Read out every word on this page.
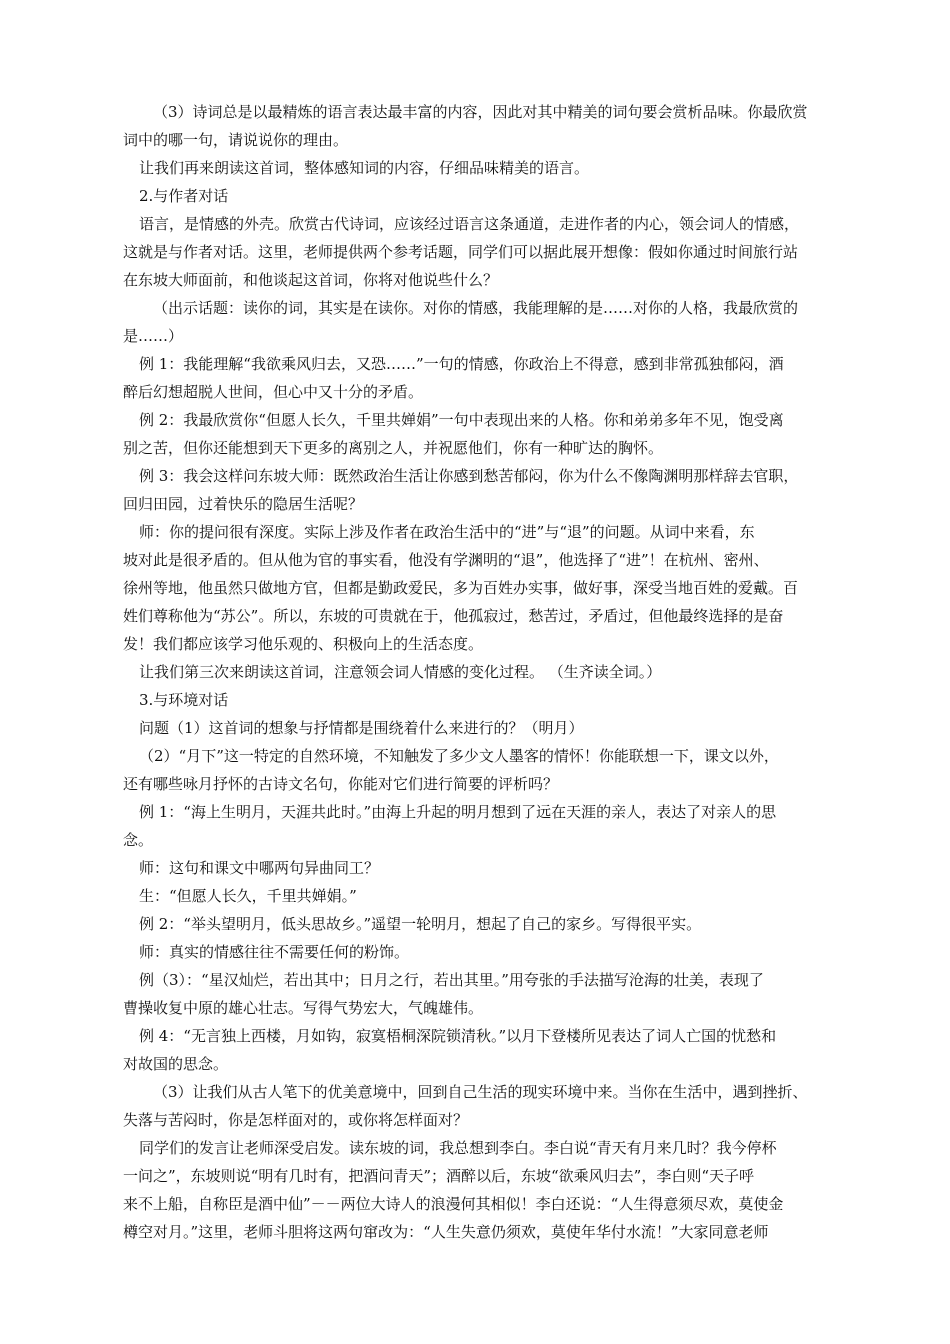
（3）诗词总是以最精炼的语言表达最丰富的内容，因此对其中精美的词句要会赏析品味。你最欣赏
词中的哪一句，请说说你的理由。
让我们再来朗读这首词，整体感知词的内容，仔细品味精美的语言。
2.与作者对话
语言，是情感的外壳。欣赏古代诗词，应该经过语言这条通道，走进作者的内心，领会词人的情感，
这就是与作者对话。这里，老师提供两个参考话题，同学们可以据此展开想像：假如你通过时间旅行站
在东坡大师面前，和他谈起这首词，你将对他说些什么？
（出示话题：读你的词，其实是在读你。对你的情感，我能理解的是……对你的人格，我最欣赏的
是……）
例 1：我能理解“我欲乘风归去，又恐……”一句的情感，你政治上不得意，感到非常孤独郁闷，酒
醉后幻想超脱人世间，但心中又十分的矛盾。
例 2：我最欣赏你“但愿人长久，千里共婵娟”一句中表现出来的人格。你和弟弟多年不见，饱受离
别之苦，但你还能想到天下更多的离别之人，并祝愿他们，你有一种旷达的胸怀。
例 3：我会这样问东坡大师：既然政治生活让你感到愁苦郁闷，你为什么不像陶渊明那样辞去官职，
回归田园，过着快乐的隐居生活呢？
师：你的提问很有深度。实际上涉及作者在政治生活中的“进”与“退”的问题。从词中来看，东
坡对此是很矛盾的。但从他为官的事实看，他没有学渊明的“退”，他选择了“进”！在杭州、密州、
徐州等地，他虽然只做地方官，但都是勤政爱民，多为百姓办实事，做好事，深受当地百姓的爱戴。百
姓们尊称他为“苏公”。所以，东坡的可贵就在于，他孤寂过，愁苦过，矛盾过，但他最终选择的是奋
发！我们都应该学习他乐观的、积极向上的生活态度。
让我们第三次来朗读这首词，注意领会词人情感的变化过程。 （生齐读全词。）
3.与环境对话
问题（1）这首词的想象与抒情都是围绕着什么来进行的？（明月）
（2）“月下”这一特定的自然环境，不知触发了多少文人墨客的情怀！你能联想一下，课文以外，
还有哪些咏月抒怀的古诗文名句，你能对它们进行简要的评析吗？
例 1：“海上生明月，天涯共此时。”由海上升起的明月想到了远在天涯的亲人，表达了对亲人的思
念。
师：这句和课文中哪两句异曲同工？
生：“但愿人长久，千里共婵娟。”
例 2：“举头望明月，低头思故乡。”遥望一轮明月，想起了自己的家乡。写得很平实。
师：真实的情感往往不需要任何的粉饰。
例（3）：“星汉灿烂，若出其中；日月之行，若出其里。”用夸张的手法描写沧海的壮美，表现了
曹操收复中原的雄心壮志。写得气势宏大，气魄雄伟。
例 4：“无言独上西楼，月如钩，寂寞梧桐深院锁清秋。”以月下登楼所见表达了词人亡国的忧愁和
对故国的思念。
（3）让我们从古人笔下的优美意境中，回到自己生活的现实环境中来。当你在生活中，遇到挫折、
失落与苦闷时，你是怎样面对的，或你将怎样面对？
同学们的发言让老师深受启发。读东坡的词，我总想到李白。李白说“青天有月来几时？我今停杯
一问之”，东坡则说“明有几时有，把酒问青天”；酒醉以后，东坡“欲乘风归去”，李白则“天子呼
来不上船，自称臣是酒中仙”－－两位大诗人的浪漫何其相似！李白还说：“人生得意须尽欢，莫使金
樽空对月。”这里，老师斗胆将这两句窜改为：“人生失意仍须欢，莫使年华付水流！”大家同意老师
